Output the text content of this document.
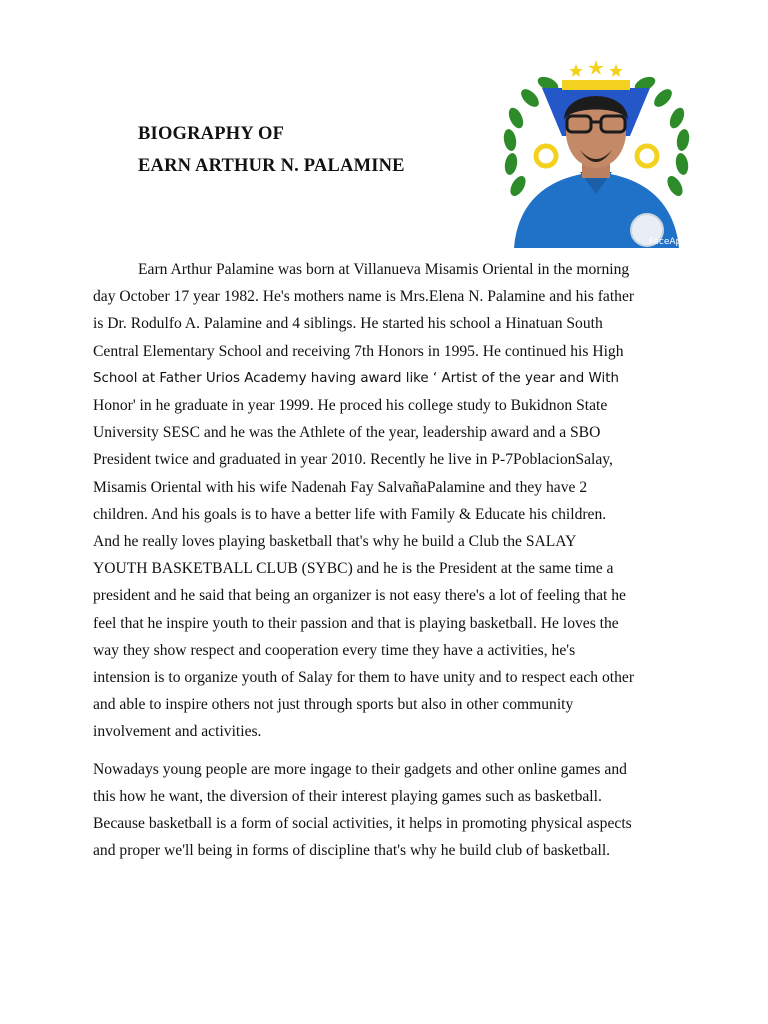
BIOGRAPHY OF
EARN ARTHUR N. PALAMINE
FaceApp

Earn Arthur Palamine was born at Villanueva Misamis Oriental in the morning
day October 17 year 1982. He's mothers name is Mrs.Elena N. Palamine and his father
is Dr. Rodulfo A. Palamine and 4 siblings. He started his school a Hinatuan South
Central Elementary School and receiving 7th Honors in 1995. He continued his High
School at Father Urios Academy having award like ‘ Artist of the year and With
Honor' in he graduate in year 1999. He proced his college study to Bukidnon State
University SESC and he was the Athlete of the year, leadership award and a SBO
President twice and graduated in year 2010. Recently he live in P-7PoblacionSalay,
Misamis Oriental with his wife Nadenah Fay SalvañaPalamine and they have 2
children. And his goals is to have a better life with Family & Educate his children.
And he really loves playing basketball that's why he build a Club the SALAY
YOUTH BASKETBALL CLUB (SYBC) and he is the President at the same time a
president and he said that being an organizer is not easy there's a lot of feeling that he
feel that he inspire youth to their passion and that is playing basketball. He loves the
way they show respect and cooperation every time they have a activities, he's
intension is to organize youth of Salay for them to have unity and to respect each other
and able to inspire others not just through sports but also in other community
involvement and activities.

Nowadays young people are more ingage to their gadgets and other online games and
this how he want, the diversion of their interest playing games such as basketball.
Because basketball is a form of social activities, it helps in promoting physical aspects
and proper we'll being in forms of discipline that's why he build club of basketball.
